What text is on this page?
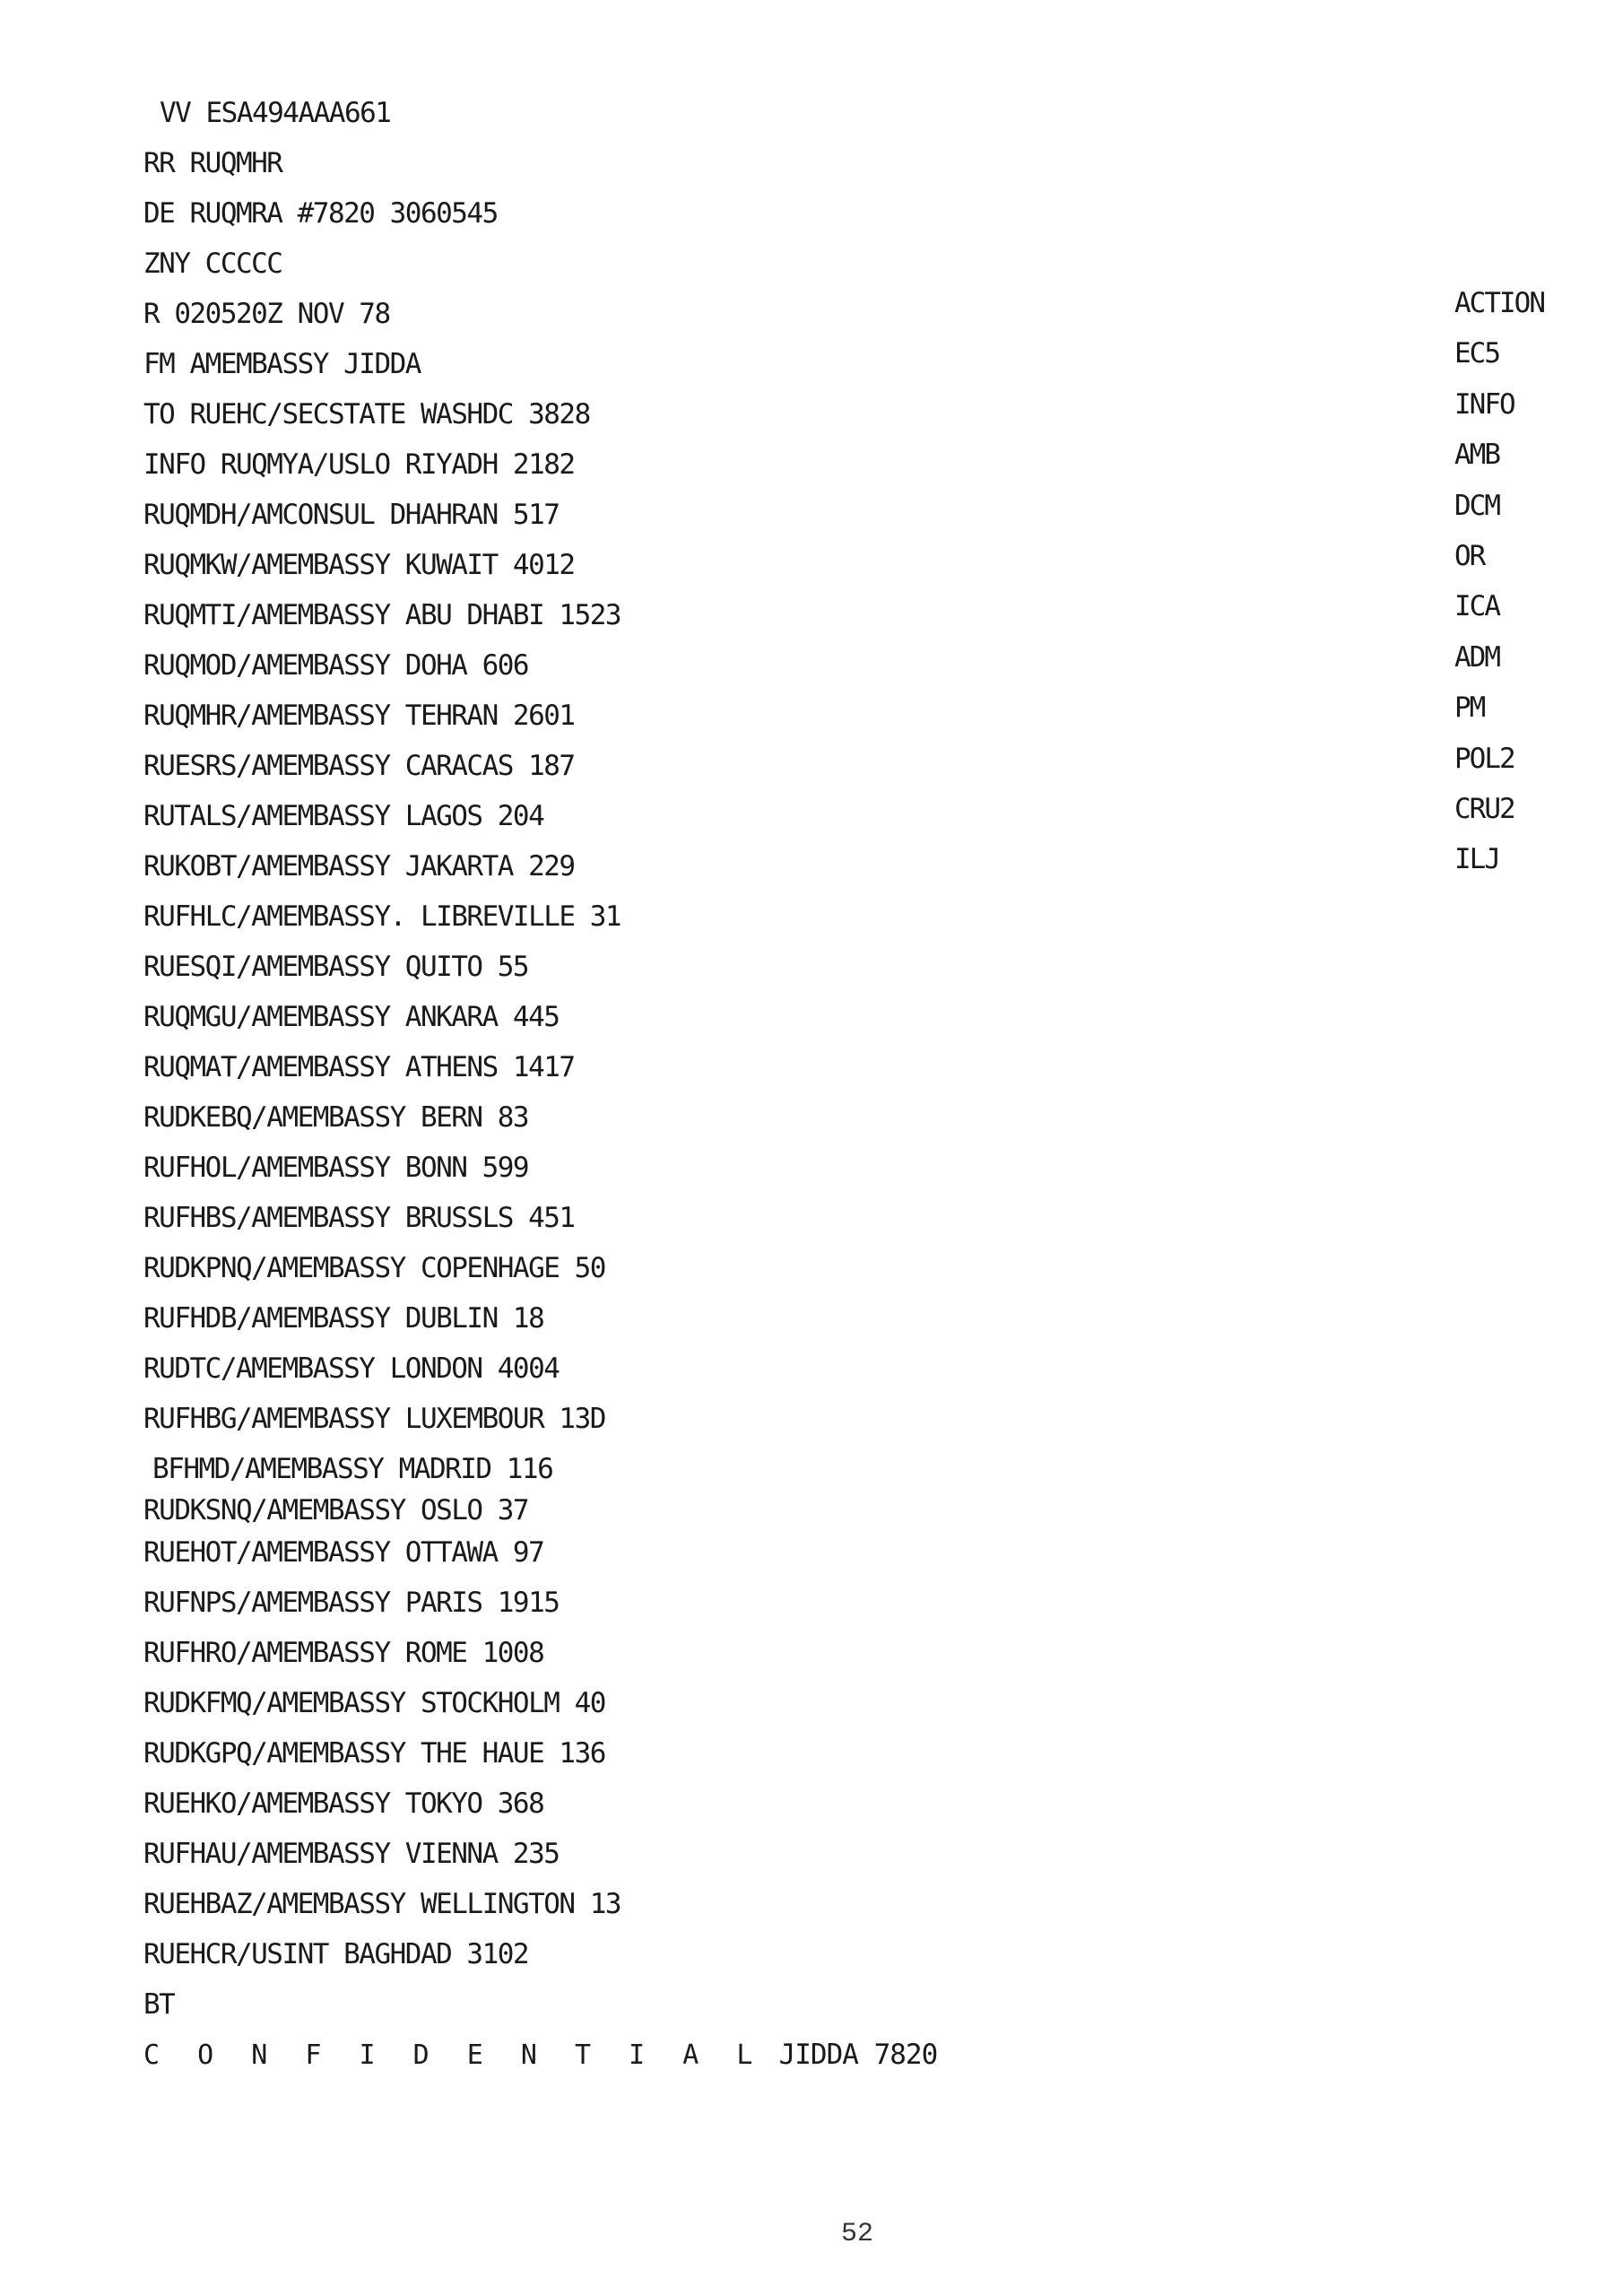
VV ESA494AAA661
RR RUQMHR
DE RUQMRA #7820 3060545
ZNY CCCCC
R 020520Z NOV 78
FM AMEMBASSY JIDDA
TO RUEHC/SECSTATE WASHDC 3828
INFO RUQMYA/USLO RIYADH 2182
RUQMDH/AMCONSUL DHAHRAN 517
RUQMKW/AMEMBASSY KUWAIT 4012
RUQMTI/AMEMBASSY ABU DHABI 1523
RUQMOD/AMEMBASSY DOHA 606
RUQMHR/AMEMBASSY TEHRAN 2601
RUESRS/AMEMBASSY CARACAS 187
RUTALS/AMEMBASSY LAGOS 204
RUKOBT/AMEMBASSY JAKARTA 229
RUFHLC/AMEMBASSY. LIBREVILLE 31
RUESQI/AMEMBASSY QUITO 55
RUQMGU/AMEMBASSY ANKARA 445
RUQMAT/AMEMBASSY ATHENS 1417
RUDKEBQ/AMEMBASSY BERN 83
RUFHOL/AMEMBASSY BONN 599
RUFHBS/AMEMBASSY BRUSSLS 451
RUDKPNQ/AMEMBASSY COPENHAGE 50
RUFHDB/AMEMBASSY DUBLIN 18
RUDTC/AMEMBASSY LONDON 4004
RUFHBG/AMEMBASSY LUXEMBOUR 13D
BFHMD/AMEMBASSY MADRID 116
RUDKSNQ/AMEMBASSY OSLO 37
RUEHOT/AMEMBASSY OTTAWA 97
RUFNPS/AMEMBASSY PARIS 1915
RUFHRO/AMEMBASSY ROME 1008
RUDKFMQ/AMEMBASSY STOCKHOLM 40
RUDKGPQ/AMEMBASSY THE HAUE 136
RUEHKO/AMEMBASSY TOKYO 368
RUFHAU/AMEMBASSY VIENNA 235
RUEHBAZ/AMEMBASSY WELLINGTON 13
RUEHCR/USINT BAGHDAD 3102
BT
C O N F I D E N T I A L JIDDA 7820
ACTION
EC5
INFO
AMB
DCM
OR
ICA
ADM
PM
POL2
CRU2
ILJ
52
